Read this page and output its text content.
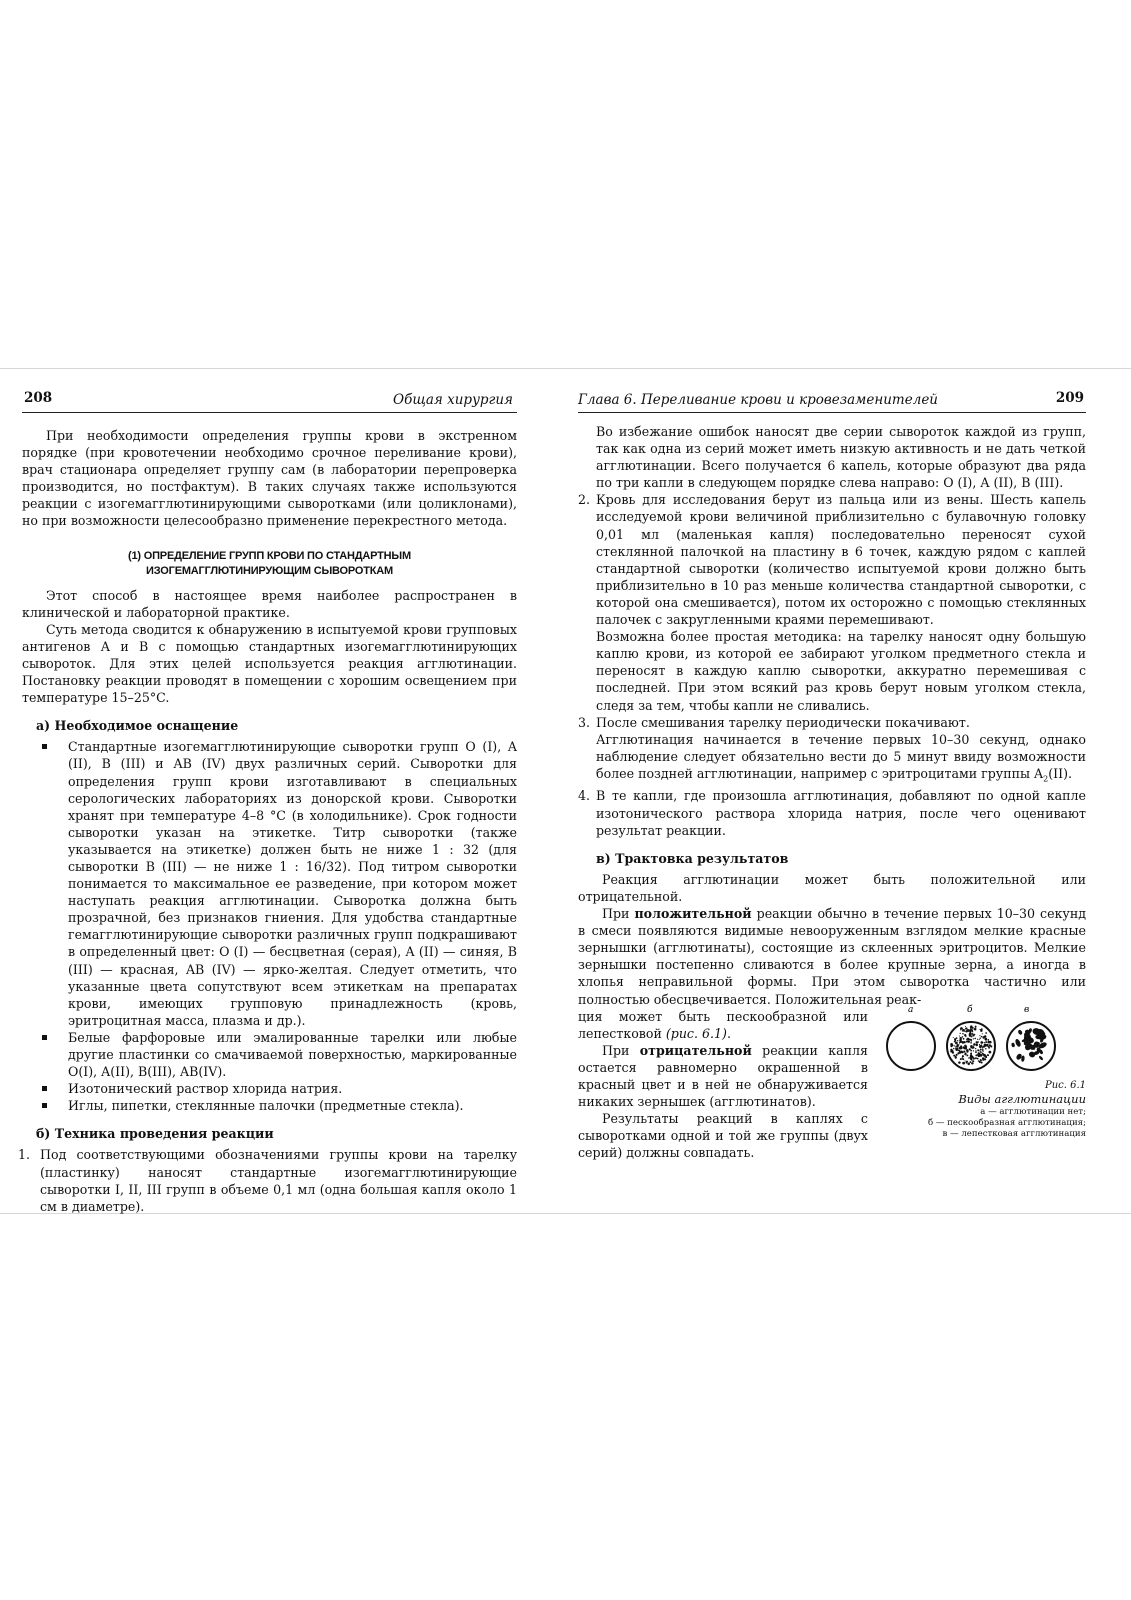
208	Общая хирургия

При необходимости определения группы крови в экстренном порядке (при кровотечении необходимо срочное переливание крови), врач стационара определяет группу сам (в лаборатории перепроверка производится, но постфактум). В таких случаях также используются реакции с изогемагглютинирующими сыворотками (или цоликлонами), но при возможности целесообразно применение перекрестного метода.

(1) ОПРЕДЕЛЕНИЕ ГРУПП КРОВИ ПО СТАНДАРТНЫМ
ИЗОГЕМАГГЛЮТИНИРУЮЩИМ СЫВОРОТКАМ

Этот способ в настоящее время наиболее распространен в клинической и лабораторной практике.

Суть метода сводится к обнаружению в испытуемой крови групповых антигенов А и В с помощью стандартных изогемагглютинирующих сывороток. Для этих целей используется реакция агглютинации. Постановку реакции проводят в помещении с хорошим освещением при температуре 15–25°C.

а) Необходимое оснащение
Стандартные изогемагглютинирующие сыворотки групп O (I), A (II), B (III) и AB (IV) двух различных серий. Сыворотки для определения групп крови изготавливают в специальных серологических лабораториях из донорской крови. Сыворотки хранят при температуре 4–8 °C (в холодильнике). Срок годности сыворотки указан на этикетке. Титр сыворотки (также указывается на этикетке) должен быть не ниже 1 : 32 (для сыворотки B (III) — не ниже 1 : 16/32). Под титром сыворотки понимается то максимальное ее разведение, при котором может наступать реакция агглютинации. Сыворотка должна быть прозрачной, без признаков гниения. Для удобства стандартные гемагглютинирующие сыворотки различных групп подкрашивают в определенный цвет: O (I) — бесцветная (серая), A (II) — синяя, B (III) — красная, AB (IV) — ярко-желтая. Следует отметить, что указанные цвета сопутствуют всем этикеткам на препаратах крови, имеющих групповую принадлежность (кровь, эритроцитная масса, плазма и др.).
Белые фарфоровые или эмалированные тарелки или любые другие пластинки со смачиваемой поверхностью, маркированные O(I), A(II), B(III), AB(IV).
Изотонический раствор хлорида натрия.
Иглы, пипетки, стеклянные палочки (предметные стекла).
б) Техника проведения реакции
1. Под соответствующими обозначениями группы крови на тарелку (пластинку) наносят стандартные изогемагглютинирующие сыворотки I, II, III групп в объеме 0,1 мл (одна большая капля около 1 см в диаметре).
Глава 6. Переливание крови и кровезаменителей	209

Во избежание ошибок наносят две серии сывороток каждой из групп, так как одна из серий может иметь низкую активность и не дать четкой агглютинации. Всего получается 6 капель, которые образуют два ряда по три капли в следующем порядке слева направо: O (I), A (II), B (III).

2. Кровь для исследования берут из пальца или из вены. Шесть капель исследуемой крови величиной приблизительно с булавочную головку 0,01 мл (маленькая капля) последовательно переносят сухой стеклянной палочкой на пластину в 6 точек, каждую рядом с каплей стандартной сыворотки (количество испытуемой крови должно быть приблизительно в 10 раз меньше количества стандартной сыворотки, с которой она смешивается), потом их осторожно с помощью стеклянных палочек с закругленными краями перемешивают.
Возможна более простая методика: на тарелку наносят одну большую каплю крови, из которой ее забирают уголком предметного стекла и переносят в каждую каплю сыворотки, аккуратно перемешивая с последней. При этом всякий раз кровь берут новым уголком стекла, следя за тем, чтобы капли не сливались.
3. После смешивания тарелку периодически покачивают.
Агглютинация начинается в течение первых 10–30 секунд, однако наблюдение следует обязательно вести до 5 минут ввиду возможности более поздней агглютинации, например с эритроцитами группы $A_2(II)$.
4. В те капли, где произошла агглютинация, добавляют по одной капле изотонического раствора хлорида натрия, после чего оценивают результат реакции.
в) Трактовка результатов

Реакция агглютинации может быть положительной или отрицательной.

При положительной реакции обычно в течение первых 10–30 секунд в смеси появляются видимые невооруженным взглядом мелкие красные зернышки (агглютинаты), состоящие из склеенных эритроцитов. Мелкие зернышки постепенно сливаются в более крупные зерна, а иногда в хлопья неправильной формы. При этом сыворотка частично или полностью обесцвечивается. Положительная реак-

ция может быть пескообразной или лепестковой (рис. 6.1).

При отрицательной реакции капля остается равномерно окрашенной в красный цвет и в ней не обнаруживается никаких зернышек (агглютинатов).

Результаты реакций в каплях с сыворотками одной и той же группы (двух серий) должны совпадать.

а	б	в
Рис. 6.1
Виды агглютинации
а — агглютинации нет;
б — пескообразная агглютинация;
в — лепестковая агглютинация
